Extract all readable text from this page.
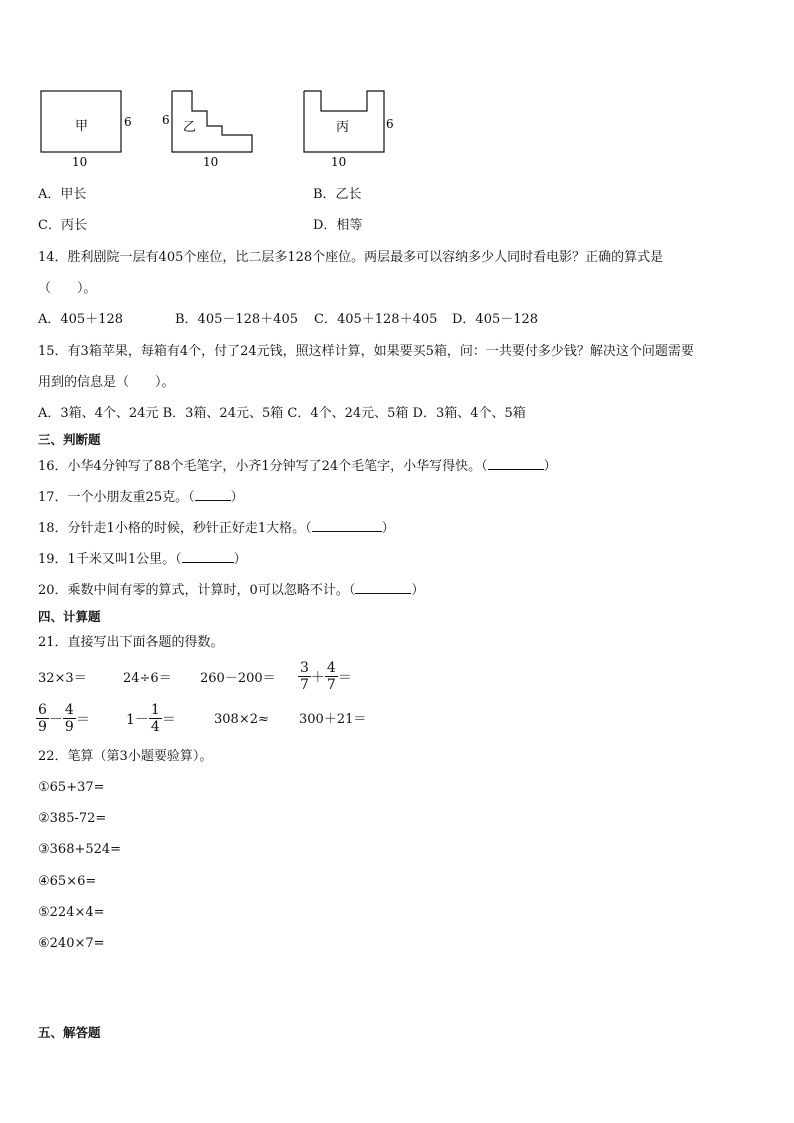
甲	6
10
乙
6
10
丙	6
10
A．甲长	B．乙长
C．丙长	D．相等
14．胜利剧院一层有405个座位，比二层多128个座位。两层最多可以容纳多少人同时看电影？正确的算式是
（　　）。
A．405＋128	B．405－128＋405 C．405＋128＋405 D．405－128
15．有3箱苹果，每箱有4个，付了24元钱，照这样计算，如果要买5箱，问：一共要付多少钱？解决这个问题需要
用到的信息是（　　）。
A．3箱、4个、24元 B．3箱、24元、5箱 C．4个、24元、5箱 D．3箱、4个、5箱
三、判断题
16．小华4分钟写了88个毛笔字，小齐1分钟写了24个毛笔字，小华写得快。（	）
17．一个小朋友重25克。（	）
18．分针走1小格的时候，秒针正好走1大格。（	）
19．1千米又叫1公里。（	）
20．乘数中间有零的算式，计算时，0可以忽略不计。（	）
四、计算题
21．直接写出下面各题的得数。
32×3＝	$24\div 6= 260-200= \frac{3}{7} + \frac{4}{7}$ ＝
$\frac{6}{9} - \frac{4}{9}$ ＝	$1- \frac{1}{4}$ ＝	308×2≈ 300＋21＝
22．笔算（第3小题要验算）。
①65+37=
②385-72=
③368+524=
④65×6=
⑤224×4=
⑥240×7=
五、解答题
